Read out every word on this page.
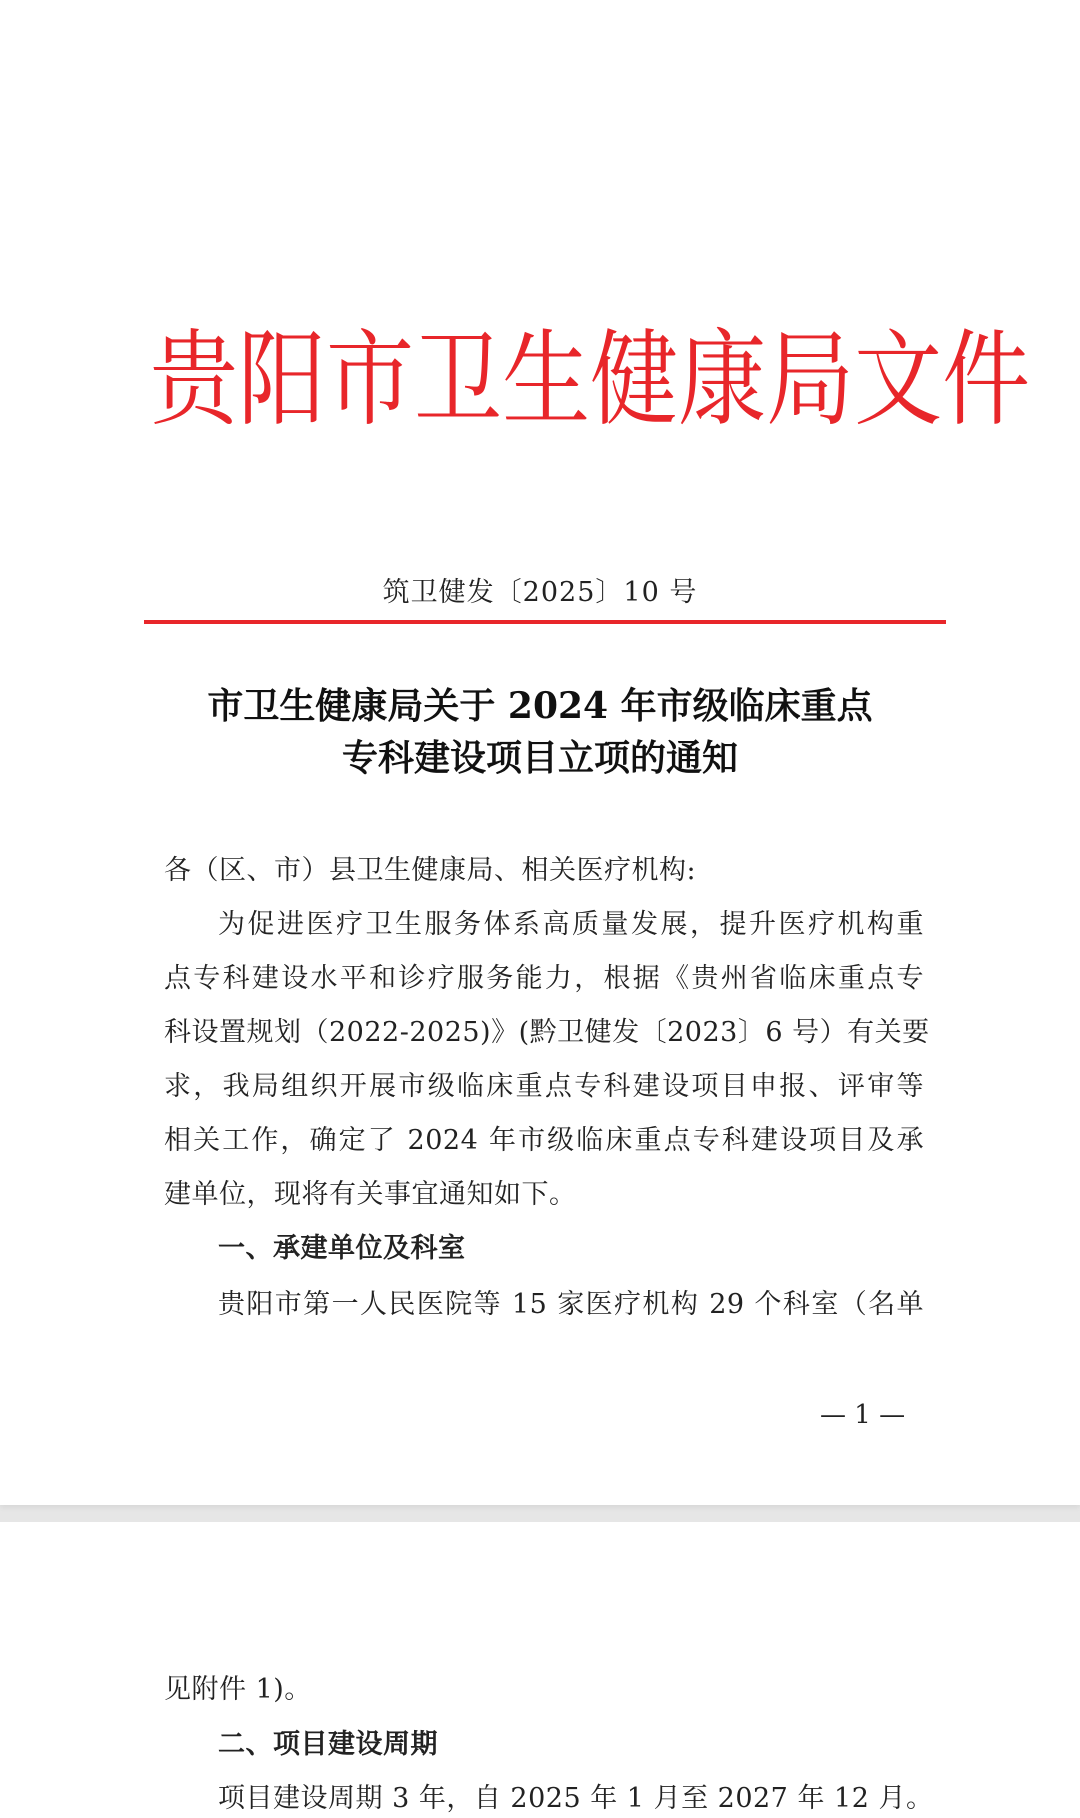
贵 阳 市 卫 生 健 康 局 文 件
筑卫健发〔2025〕10 号
市卫生健康局关于 2024 年市级临床重点
专科建设项目立项的通知
各（区、市）县卫生健康局、相关医疗机构:
为促进医疗卫生服务体系高质量发展，提升医疗机构重
点专科建设水平和诊疗服务能力，根据《贵州省临床重点专
科设置规划（2022-2025)》(黔卫健发〔2023〕6 号）有关要
求，我局组织开展市级临床重点专科建设项目申报、评审等
相关工作，确定了 2024 年市级临床重点专科建设项目及承
建单位，现将有关事宜通知如下。
一、承建单位及科室
贵阳市第一人民医院等 15 家医疗机构 29 个科室（名单
— 1 —
见附件 1)。
二、项目建设周期
项目建设周期 3 年，自 2025 年 1 月至 2027 年 12 月。
